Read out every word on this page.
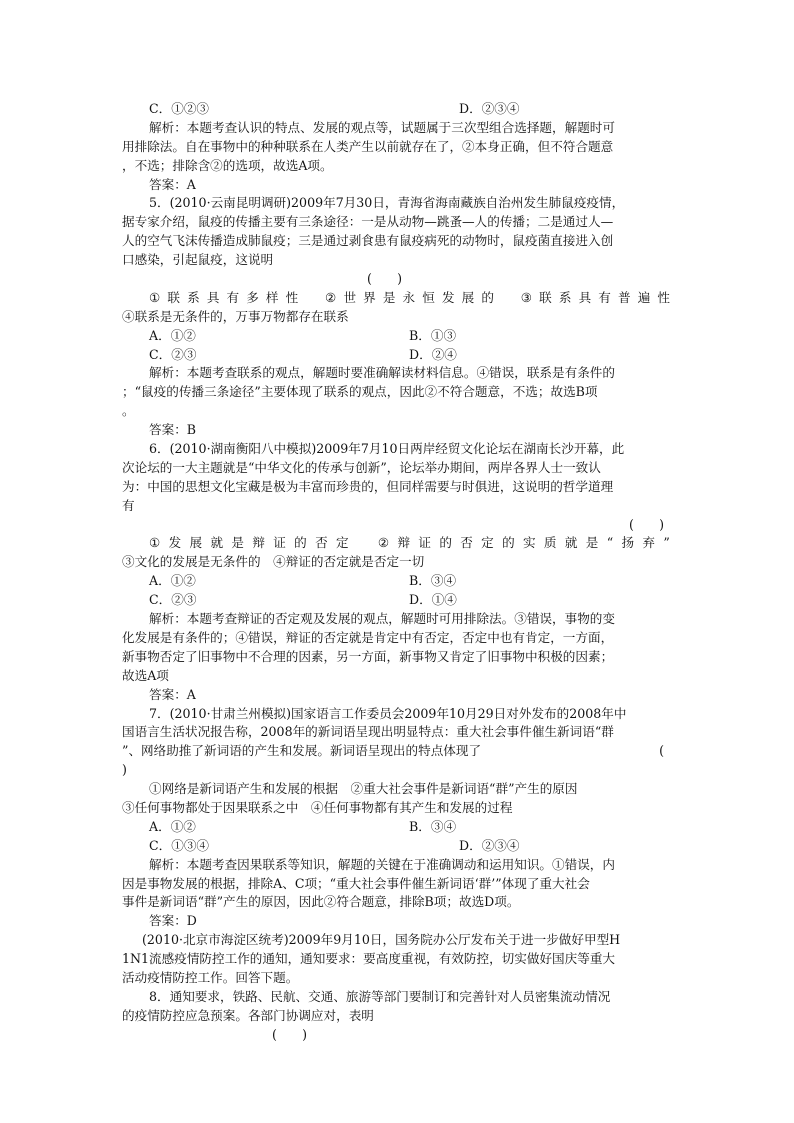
C．①②③	D．②③④
解析：本题考查认识的特点、发展的观点等，试题属于三次型组合选择题，解题时可
用排除法。自在事物中的种种联系在人类产生以前就存在了，②本身正确，但不符合题意
，不选；排除含②的选项，故选A项。
答案：A
5．(2010·云南昆明调研)2009年7月30日，青海省海南藏族自治州发生肺鼠疫疫情，
据专家介绍，鼠疫的传播主要有三条途径：一是从动物—跳蚤—人的传播；二是通过人—
人的空气飞沫传播造成肺鼠疫；三是通过剥食患有鼠疫病死的动物时，鼠疫菌直接进入创
口感染，引起鼠疫，这说明
(　　)
① 联 系 具 有 多 样 性
　 ② 世 界 是 永 恒 发 展 的
　 ③ 联 系 具 有 普 遍 性
④联系是无条件的，万事万物都存在联系
A．①②	B．①③
C．②③	D．②④
解析：本题考查联系的观点，解题时要准确解读材料信息。④错误，联系是有条件的
；“鼠疫的传播三条途径”主要体现了联系的观点，因此②不符合题意，不选；故选B项
。
答案：B
6．(2010·湖南衡阳八中模拟)2009年7月10日两岸经贸文化论坛在湖南长沙开幕，此
次论坛的一大主题就是“中华文化的传承与创新”，论坛举办期间，两岸各界人士一致认
为：中国的思想文化宝藏是极为丰富而珍贵的，但同样需要与时俱进，这说明的哲学道理
有
(　　)
① 发 展 就 是 辩 证 的 否 定
　 ② 辩 证 的 否 定 的 实 质 就 是 “ 扬 弃 ”
③文化的发展是无条件的　④辩证的否定就是否定一切
A．①②	B．③④
C．②③	D．①④
解析：本题考查辩证的否定观及发展的观点，解题时可用排除法。③错误，事物的变
化发展是有条件的；④错误，辩证的否定就是肯定中有否定，否定中也有肯定，一方面，
新事物否定了旧事物中不合理的因素，另一方面，新事物又肯定了旧事物中积极的因素；
故选A项
答案：A
7．(2010·甘肃兰州模拟)国家语言工作委员会2009年10月29日对外发布的2008年中
国语言生活状况报告称，2008年的新词语呈现出明显特点：重大社会事件催生新词语“群
”、网络助推了新词语的产生和发展。新词语呈现出的特点体现了	(
)
①网络是新词语产生和发展的根据　②重大社会事件是新词语“群”产生的原因
③任何事物都处于因果联系之中　④任何事物都有其产生和发展的过程
A．①②	B．③④
C．①③④	D．②③④
解析：本题考查因果联系等知识，解题的关键在于准确调动和运用知识。①错误，内
因是事物发展的根据，排除A、C项；“重大社会事件催生新词语‘群’”体现了重大社会
事件是新词语“群”产生的原因，因此②符合题意，排除B项；故选D项。
答案：D
(2010·北京市海淀区统考)2009年9月10日，国务院办公厅发布关于进一步做好甲型H
1N1流感疫情防控工作的通知，通知要求：要高度重视，有效防控，切实做好国庆等重大
活动疫情防控工作。回答下题。
8．通知要求，铁路、民航、交通、旅游等部门要制订和完善针对人员密集流动情况
的疫情防控应急预案。各部门协调应对，表明
(　　)
